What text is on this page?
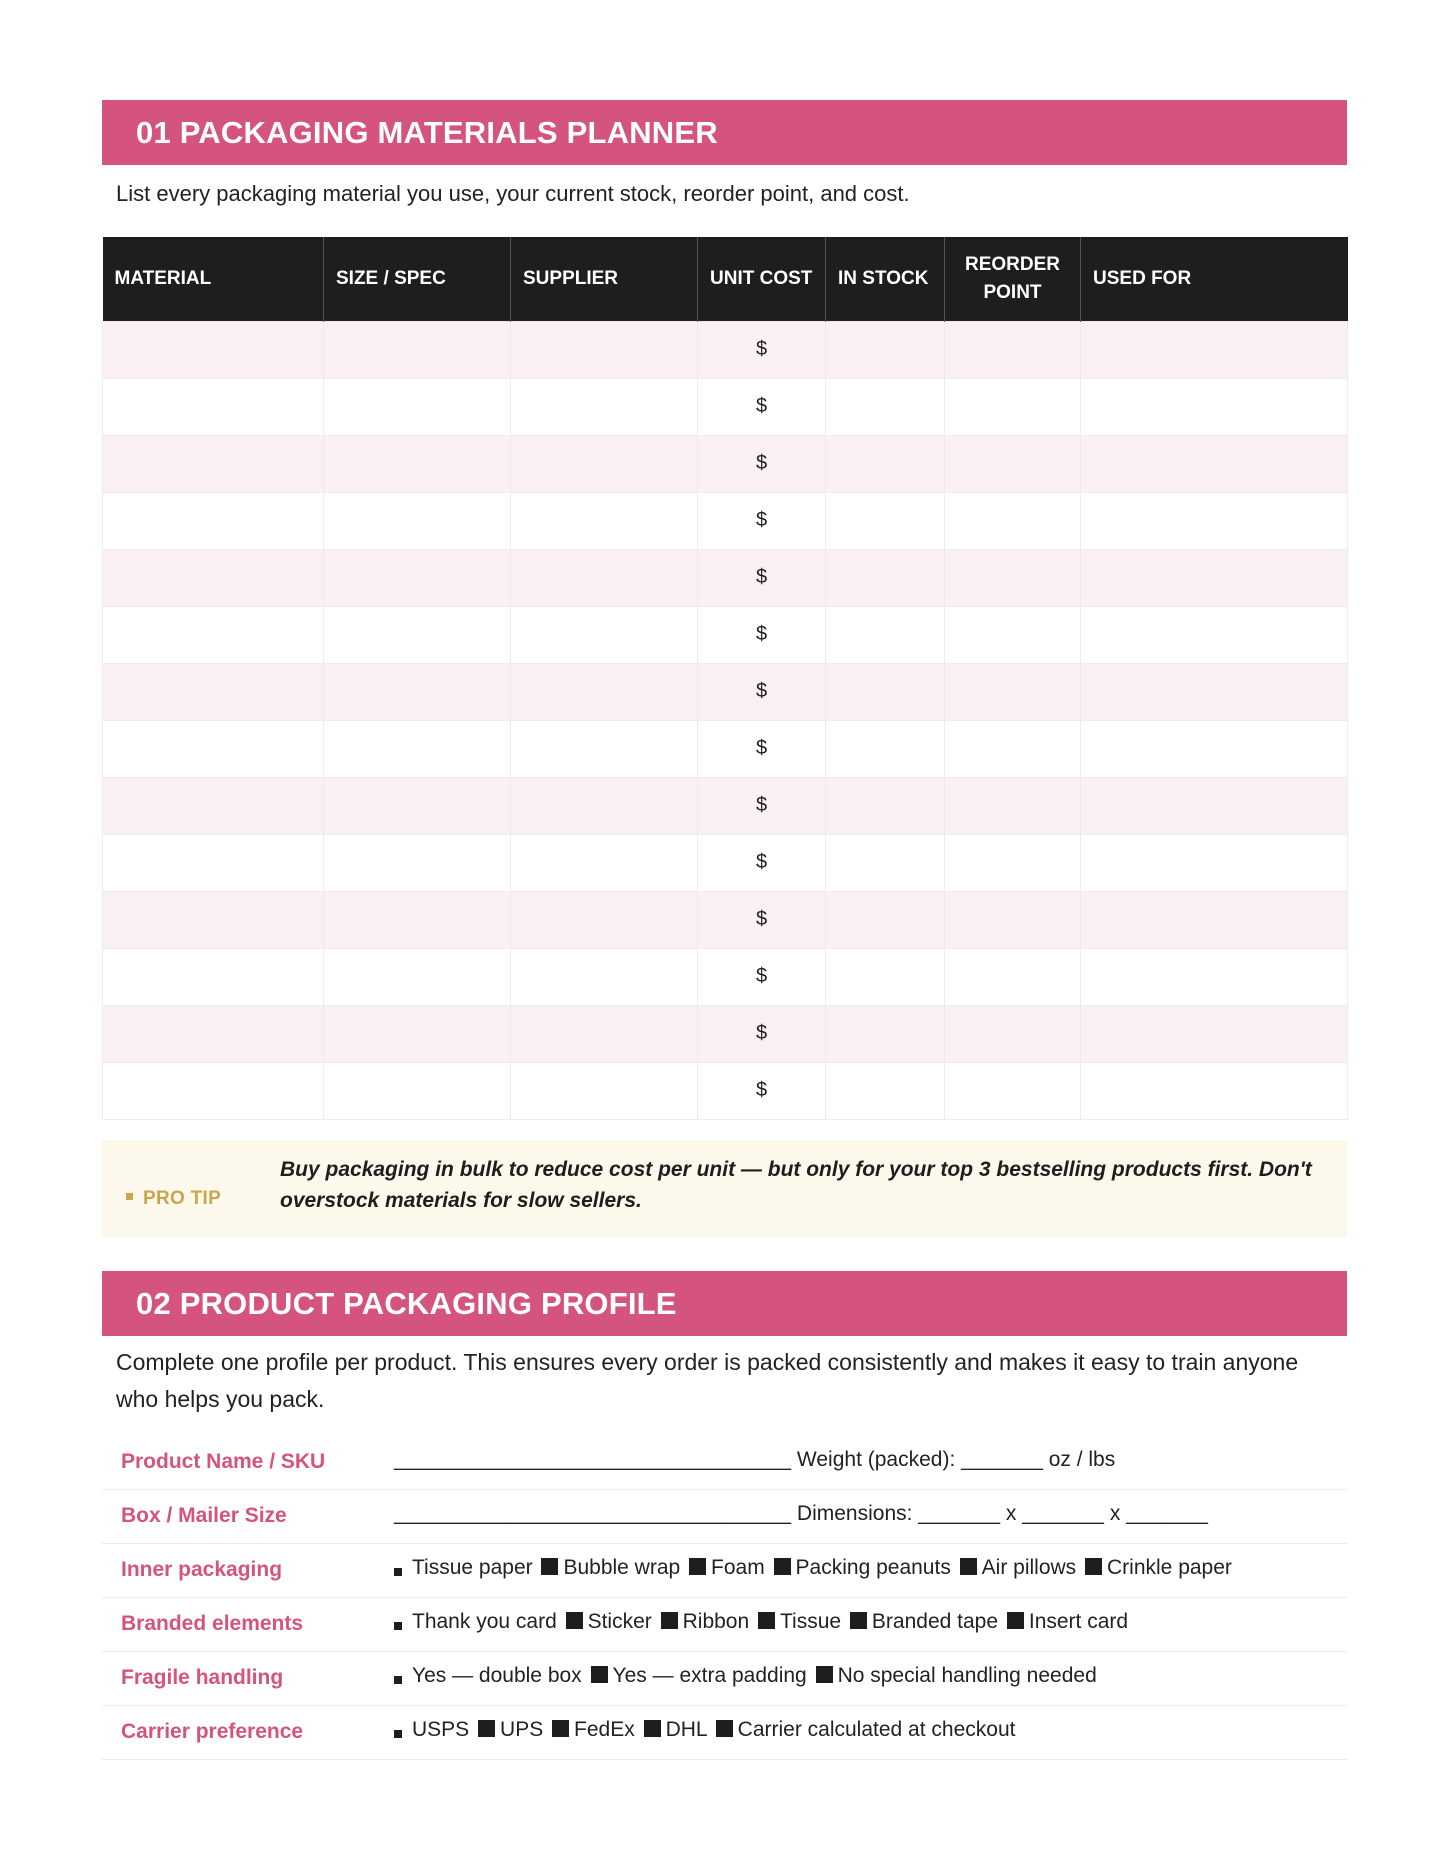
01 PACKAGING MATERIALS PLANNER
List every packaging material you use, your current stock, reorder point, and cost.
MATERIAL	SIZE / SPEC	SUPPLIER	UNIT COST	IN STOCK	REORDER POINT	USED FOR
			$			
			$			
			$			
			$			
			$			
			$			
			$			
			$			
			$			
			$			
			$			
			$			
			$			
			$			
PRO TIP
Buy packaging in bulk to reduce cost per unit — but only for your top 3 bestselling products first. Don't overstock materials for slow sellers.
02 PRODUCT PACKAGING PROFILE
Complete one profile per product. This ensures every order is packed consistently and makes it easy to train anyone who helps you pack.
Product Name / SKU	__________________________________ Weight (packed): _______ oz / lbs
Box / Mailer Size	__________________________________ Dimensions: _______ x _______ x _______
Inner packaging	Tissue paper Bubble wrap Foam Packing peanuts Air pillows Crinkle paper
Branded elements	Thank you card Sticker Ribbon Tissue Branded tape Insert card
Fragile handling	Yes — double box Yes — extra padding No special handling needed
Carrier preference	USPS UPS FedEx DHL Carrier calculated at checkout
